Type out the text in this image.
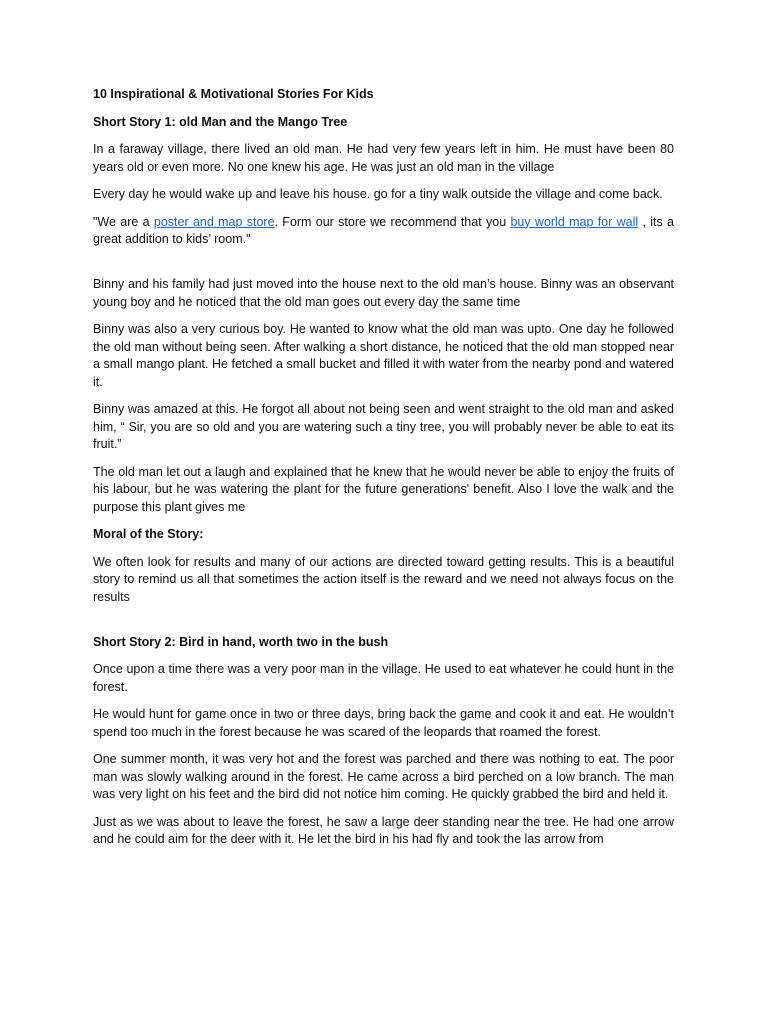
10 Inspirational & Motivational Stories For Kids

Short Story 1: old Man and the Mango Tree

In a faraway village, there lived an old man. He had very few years left in him. He must have been 80 years old or even more. No one knew his age. He was just an old man in the village

Every day he would wake up and leave his house. go for a tiny walk outside the village and come back.

"We are a poster and map store. Form our store we recommend that you buy world map for wall , its a great addition to kids’ room."

Binny and his family had just moved into the house next to the old man’s house. Binny was an observant young boy and he noticed that the old man goes out every day the same time

Binny was also a very curious boy. He wanted to know what the old man was upto. One day he followed the old man without being seen. After walking a short distance, he noticed that the old man stopped near a small mango plant. He fetched a small bucket and filled it with water from the nearby pond and watered it.

Binny was amazed at this. He forgot all about not being seen and went straight to the old man and asked him, “ Sir, you are so old and you are watering such a tiny tree, you will probably never be able to eat its fruit.”

The old man let out a laugh and explained that he knew that he would never be able to enjoy the fruits of his labour, but he was watering the plant for the future generations' benefit. Also I love the walk and the purpose this plant gives me

Moral of the Story:

We often look for results and many of our actions are directed toward getting results. This is a beautiful story to remind us all that sometimes the action itself is the reward and we need not always focus on the results

Short Story 2: Bird in hand, worth two in the bush

Once upon a time there was a very poor man in the village. He used to eat whatever he could hunt in the forest.

He would hunt for game once in two or three days, bring back the game and cook it and eat. He wouldn’t spend too much in the forest because he was scared of the leopards that roamed the forest.

One summer month, it was very hot and the forest was parched and there was nothing to eat. The poor man was slowly walking around in the forest. He came across a bird perched on a low branch. The man was very light on his feet and the bird did not notice him coming. He quickly grabbed the bird and held it.

Just as we was about to leave the forest, he saw a large deer standing near the tree. He had one arrow and he could aim for the deer with it. He let the bird in his had fly and took the las arrow from
